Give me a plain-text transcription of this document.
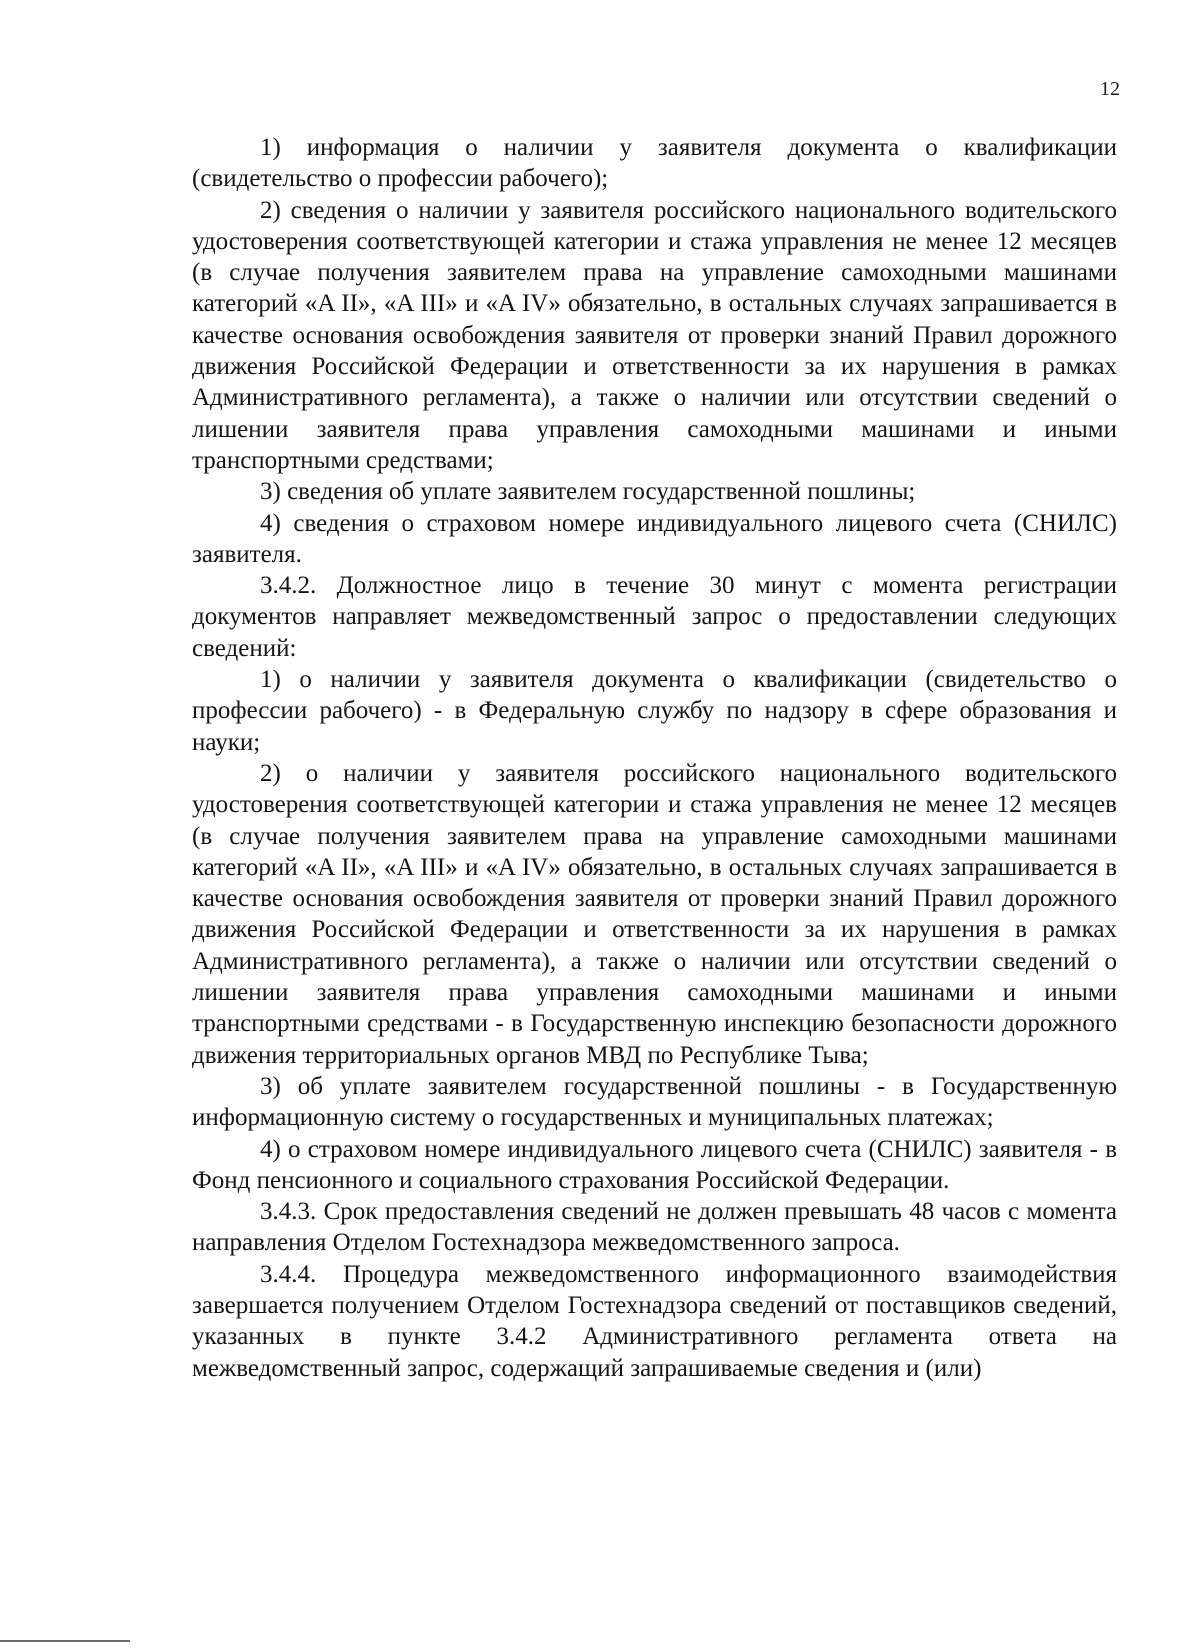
12

1) информация о наличии у заявителя документа о квалификации (свидетельство о профессии рабочего);

2) сведения о наличии у заявителя российского национального водительского удостоверения соответствующей категории и стажа управления не менее 12 месяцев (в случае получения заявителем права на управление самоходными машинами категорий «A II», «A III» и «A IV» обязательно, в остальных случаях запрашивается в качестве основания освобождения заявителя от проверки знаний Правил дорожного движения Российской Федерации и ответственности за их нарушения в рамках Административного регламента), а также о наличии или отсутствии сведений о лишении заявителя права управления самоходными машинами и иными транспортными средствами;

3) сведения об уплате заявителем государственной пошлины;

4) сведения о страховом номере индивидуального лицевого счета (СНИЛС) заявителя.

3.4.2. Должностное лицо в течение 30 минут с момента регистрации документов направляет межведомственный запрос о предоставлении следующих сведений:

1) о наличии у заявителя документа о квалификации (свидетельство о профессии рабочего) - в Федеральную службу по надзору в сфере образования и науки;

2) о наличии у заявителя российского национального водительского удостоверения соответствующей категории и стажа управления не менее 12 месяцев (в случае получения заявителем права на управление самоходными машинами категорий «A II», «A III» и «A IV» обязательно, в остальных случаях запрашивается в качестве основания освобождения заявителя от проверки знаний Правил дорожного движения Российской Федерации и ответственности за их нарушения в рамках Административного регламента), а также о наличии или отсутствии сведений о лишении заявителя права управления самоходными машинами и иными транспортными средствами - в Государственную инспекцию безопасности дорожного движения территориальных органов МВД по Республике Тыва;

3) об уплате заявителем государственной пошлины - в Государственную информационную систему о государственных и муниципальных платежах;

4) о страховом номере индивидуального лицевого счета (СНИЛС) заявителя - в Фонд пенсионного и социального страхования Российской Федерации.

3.4.3. Срок предоставления сведений не должен превышать 48 часов с момента направления Отделом Гостехнадзора межведомственного запроса.

3.4.4. Процедура межведомственного информационного взаимодействия завершается получением Отделом Гостехнадзора сведений от поставщиков сведений, указанных в пункте 3.4.2 Административного регламента ответа на межведомственный запрос, содержащий запрашиваемые сведения и (или)
